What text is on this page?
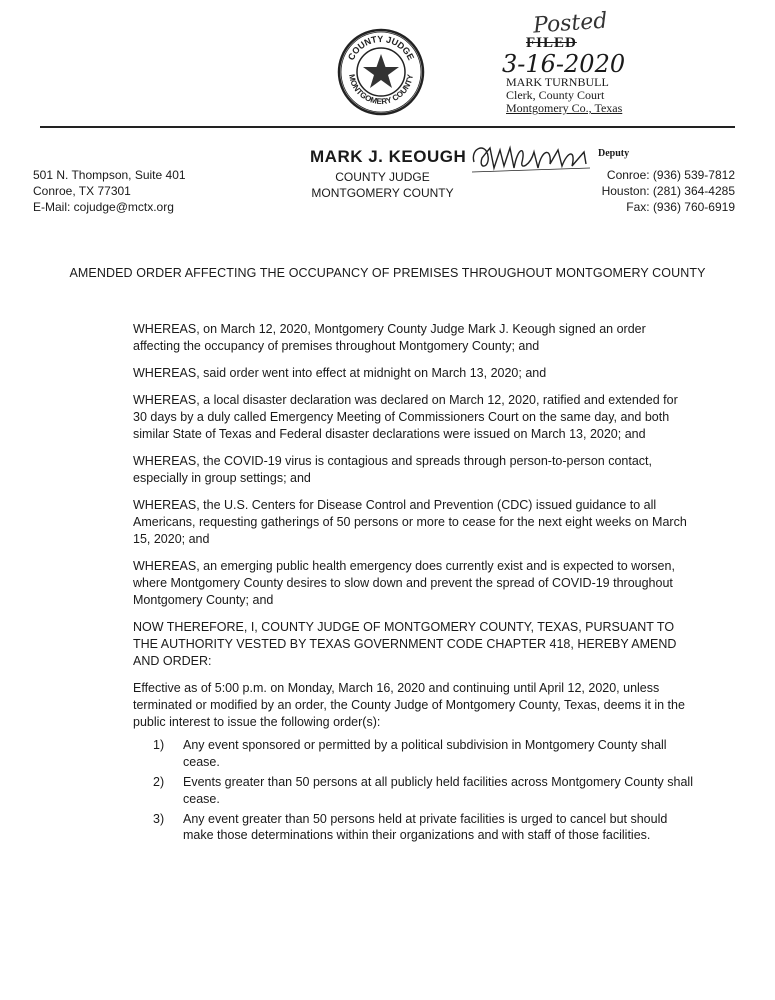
COUNTY JUDGE
MONTGOMERY COUNTY
Posted
FILED
3-16-2020
MARK TURNBULL
Clerk, County Court
Montgomery Co., Texas
Deputy
MARK J. KEOUGH
COUNTY JUDGE
MONTGOMERY COUNTY
501 N. Thompson, Suite 401
Conroe, TX 77301
E-Mail: cojudge@mctx.org
Conroe: (936) 539-7812
Houston: (281) 364-4285
Fax: (936) 760-6919
AMENDED ORDER AFFECTING THE OCCUPANCY OF PREMISES THROUGHOUT MONTGOMERY COUNTY

WHEREAS, on March 12, 2020, Montgomery County Judge Mark J. Keough signed an order affecting the occupancy of premises throughout Montgomery County; and

WHEREAS, said order went into effect at midnight on March 13, 2020; and

WHEREAS, a local disaster declaration was declared on March 12, 2020, ratified and extended for 30 days by a duly called Emergency Meeting of Commissioners Court on the same day, and both similar State of Texas and Federal disaster declarations were issued on March 13, 2020; and

WHEREAS, the COVID-19 virus is contagious and spreads through person-to-person contact, especially in group settings; and

WHEREAS, the U.S. Centers for Disease Control and Prevention (CDC) issued guidance to all Americans, requesting gatherings of 50 persons or more to cease for the next eight weeks on March 15, 2020; and

WHEREAS, an emerging public health emergency does currently exist and is expected to worsen, where Montgomery County desires to slow down and prevent the spread of COVID-19 throughout Montgomery County; and

NOW THEREFORE, I, COUNTY JUDGE OF MONTGOMERY COUNTY, TEXAS, PURSUANT TO THE AUTHORITY VESTED BY TEXAS GOVERNMENT CODE CHAPTER 418, HEREBY AMEND AND ORDER:

Effective as of 5:00 p.m. on Monday, March 16, 2020 and continuing until April 12, 2020, unless terminated or modified by an order, the County Judge of Montgomery County, Texas, deems it in the public interest to issue the following order(s):

1)	Any event sponsored or permitted by a political subdivision in Montgomery County shall cease.
2)	Events greater than 50 persons at all publicly held facilities across Montgomery County shall cease.
3)	Any event greater than 50 persons held at private facilities is urged to cancel but should make those determinations within their organizations and with staff of those facilities.
